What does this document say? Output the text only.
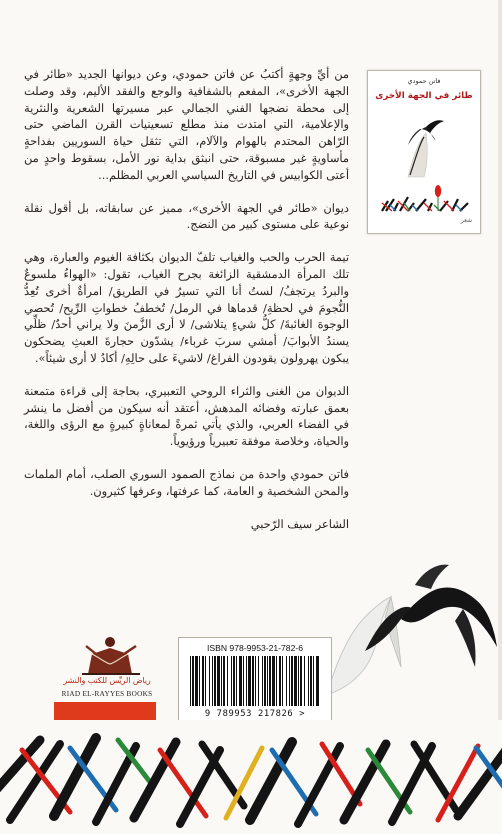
من أيِّ وجهةٍ أكتبُ عن فاتن حمودي، وعن ديوانها الجديد «طائر في الجهة الأخرى»، المفعم بالشفافية والوجع والفقد الأليم، وقد وصلت إلى محطة نضجها الفني الجمالي عبر مسيرتها الشعرية والنثرية والإعلامية، التي امتدت منذ مطلع تسعينيات القرن الماضي حتى الرّاهن المحتدم بالهوام والآلام، التي تثقل حياة السوريين بفداحةٍ مأساويةٍ غير مسبوقة، حتى انبثق بداية نور الأمل، بسقوط واحدٍ من أعتى الكوابيس في التاريخ السياسي العربي المظلم...

ديوان «طائر في الجهة الأخرى»، مميز عن سابقاته، بل أقول نقلة نوعية على مستوى كبير من النضج.

تيمة الحرب والحب والغياب تلفّ الديوان بكثافة الغيوم والعبارة، وهي تلك المرأة الدمشقية الزائغة بجرح الغياب، تقول: «الهواءُ ملسوعٌ والبردُ يرتجفُ/ لستُ أنا التي تسيرُ في الطريق/ امرأةٌ أخرى تُعِدُّ النُّجومَ في لحظةِ/ قدماها في الرمل/ تُخطفُ خطواتِ الرِّيح/ تُحصي الوجوهَ الغائبةَ/ كلُّ شيءٍ يتلاشى/ لا أرى الزَّمنَ ولا يراني أحدٌ/ ظلِّي يسندُ الأبوابَ/ أمشي سربَ غرباء/ يشدّون حجارةَ العبثِ يضحكون يبكون يهرولون يقودون الفراغ/ لاشيءَ على حالِهِ/ أكادُ لا أرى شيئاً».

الديوان من الغنى والثراء الروحي التعبيري، بحاجة إلى قراءة متمعنة بعمق عبارته وفضائه المدهش، أعتقد أنه سيكون من أفضل ما ينشر في الفضاء العربي، والذي يأتي ثمرةً لمعاناةٍ كبيرةٍ مع الرؤى واللغة، والحياة، وخلاصة موفقة تعبيرياً ورؤيوياً.

فاتن حمودي واحدة من نماذج الصمود السوري الصلب، أمام الملمات والمحن الشخصية و العامة، كما عرفتها، وعرفها كثيرون.

الشاعر سيف الرّحبي

فاتن حمودي
طائر في الجهة الأخرى
شعر
رياض الريِّس للكتب والنشر
RIAD EL-RAYYES BOOKS
ISBN 978-9953-21-782-6
9 789953 217826 >
